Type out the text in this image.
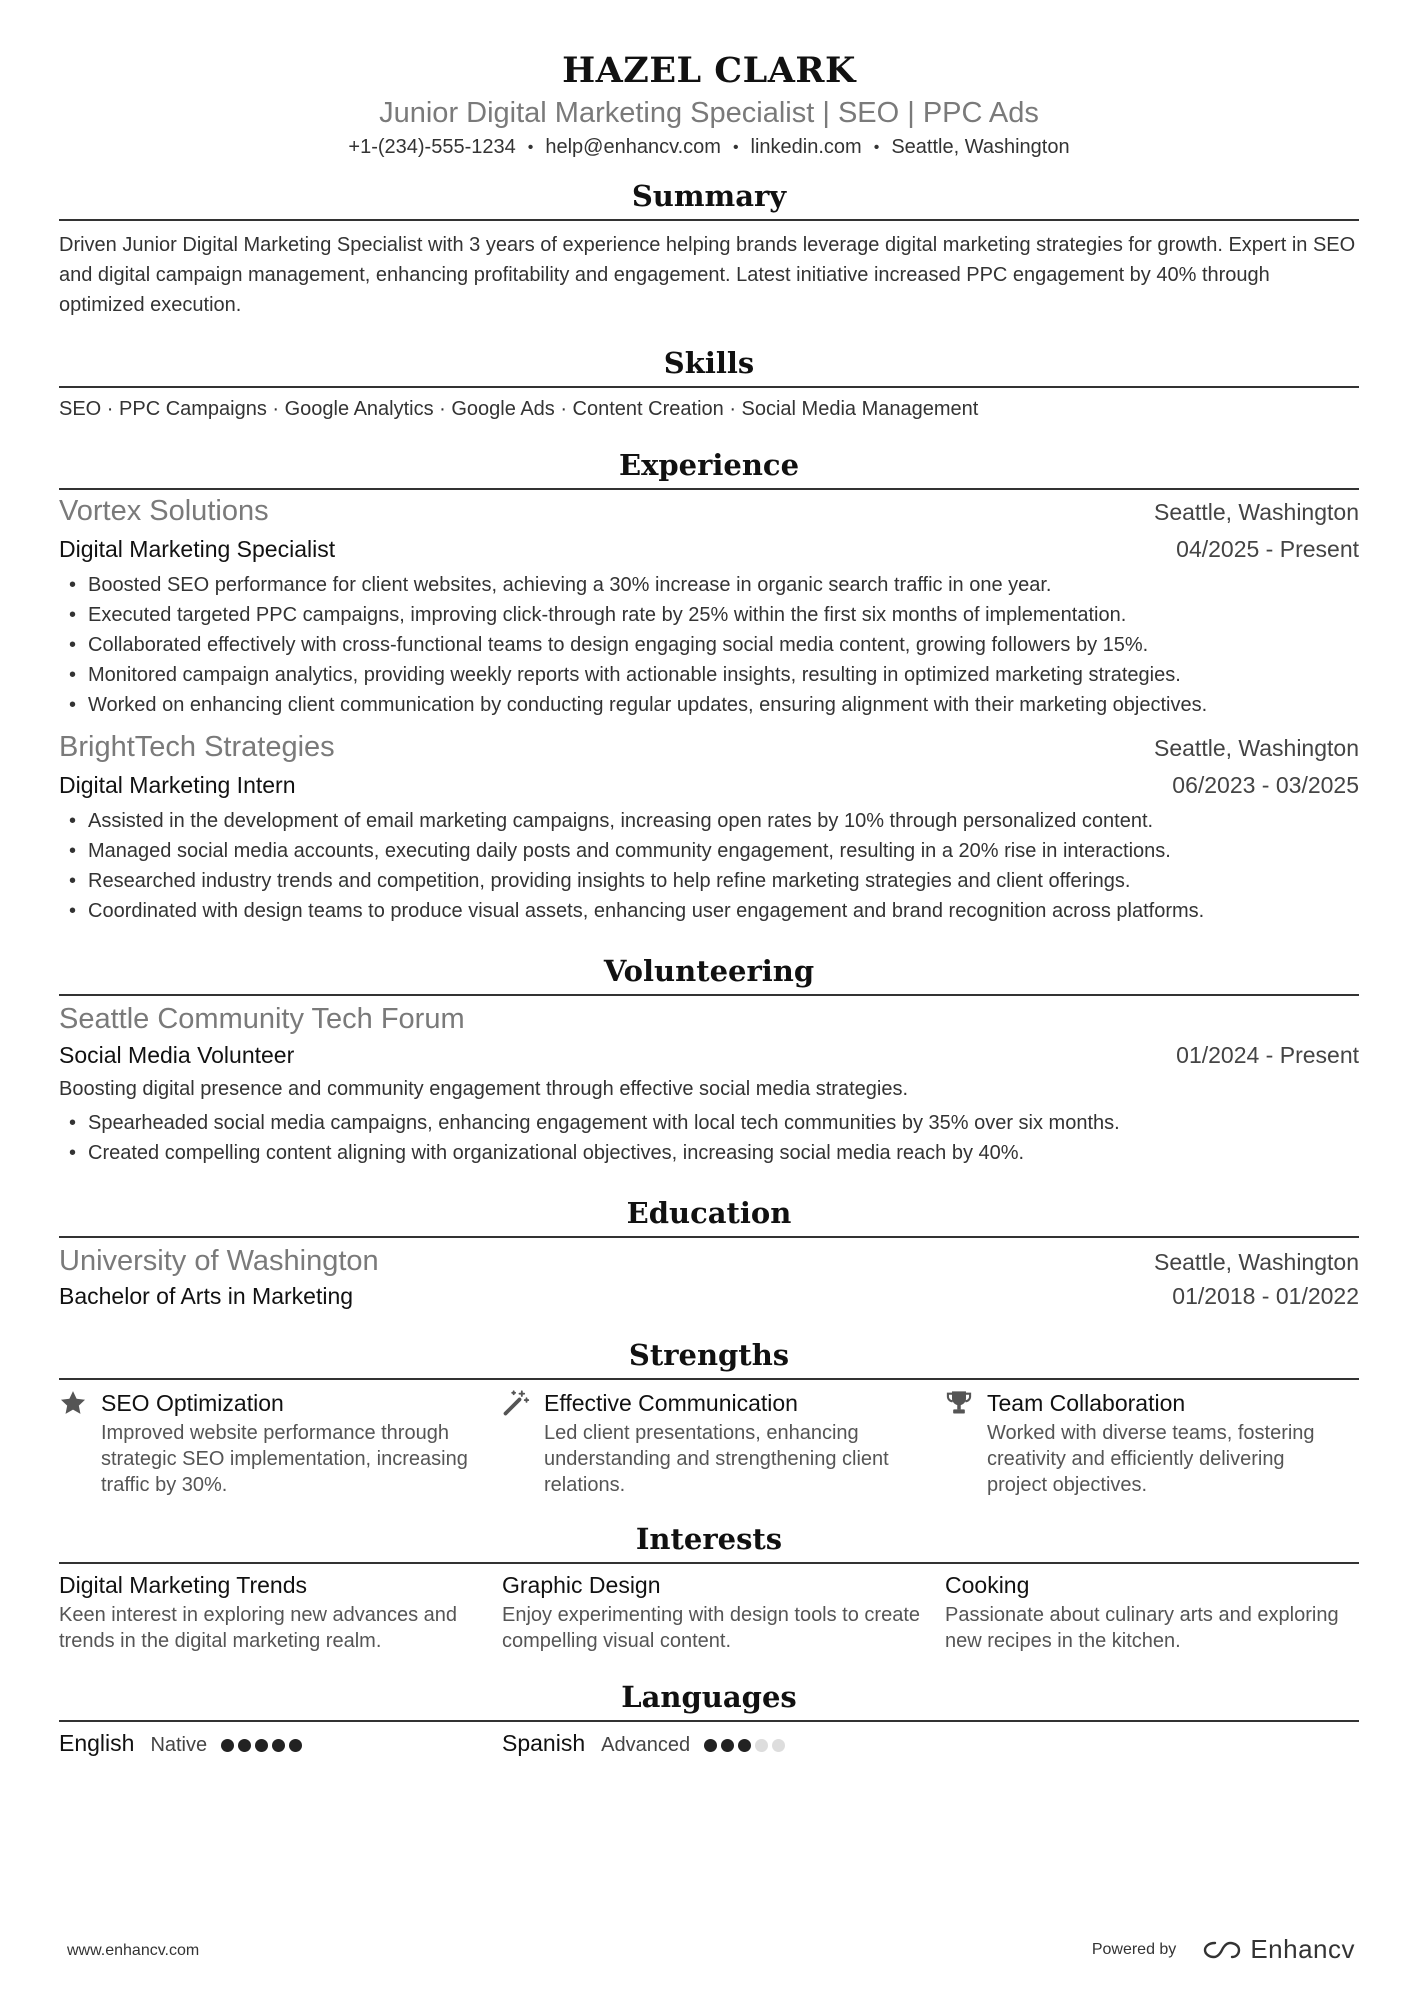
HAZEL CLARK
Junior Digital Marketing Specialist | SEO | PPC Ads
+1-(234)-555-1234 • help@enhancv.com • linkedin.com • Seattle, Washington
Summary
Driven Junior Digital Marketing Specialist with 3 years of experience helping brands leverage digital marketing strategies for growth. Expert in SEO and digital campaign management, enhancing profitability and engagement. Latest initiative increased PPC engagement by 40% through optimized execution.
Skills
SEO · PPC Campaigns · Google Analytics · Google Ads · Content Creation · Social Media Management
Experience
Vortex Solutions	Seattle, Washington
Digital Marketing Specialist	04/2025 - Present
• Boosted SEO performance for client websites, achieving a 30% increase in organic search traffic in one year.
• Executed targeted PPC campaigns, improving click-through rate by 25% within the first six months of implementation.
• Collaborated effectively with cross-functional teams to design engaging social media content, growing followers by 15%.
• Monitored campaign analytics, providing weekly reports with actionable insights, resulting in optimized marketing strategies.
• Worked on enhancing client communication by conducting regular updates, ensuring alignment with their marketing objectives.
BrightTech Strategies	Seattle, Washington
Digital Marketing Intern	06/2023 - 03/2025
• Assisted in the development of email marketing campaigns, increasing open rates by 10% through personalized content.
• Managed social media accounts, executing daily posts and community engagement, resulting in a 20% rise in interactions.
• Researched industry trends and competition, providing insights to help refine marketing strategies and client offerings.
• Coordinated with design teams to produce visual assets, enhancing user engagement and brand recognition across platforms.
Volunteering
Seattle Community Tech Forum
Social Media Volunteer	01/2024 - Present
Boosting digital presence and community engagement through effective social media strategies.
• Spearheaded social media campaigns, enhancing engagement with local tech communities by 35% over six months.
• Created compelling content aligning with organizational objectives, increasing social media reach by 40%.
Education
University of Washington	Seattle, Washington
Bachelor of Arts in Marketing	01/2018 - 01/2022
Strengths
SEO Optimization
Improved website performance through strategic SEO implementation, increasing traffic by 30%.
Effective Communication
Led client presentations, enhancing understanding and strengthening client relations.
Team Collaboration
Worked with diverse teams, fostering creativity and efficiently delivering project objectives.
Interests
Digital Marketing Trends
Keen interest in exploring new advances and trends in the digital marketing realm.
Graphic Design
Enjoy experimenting with design tools to create compelling visual content.
Cooking
Passionate about culinary arts and exploring new recipes in the kitchen.
Languages
English Native	Spanish Advanced
www.enhancv.com	Powered by	Enhancv
